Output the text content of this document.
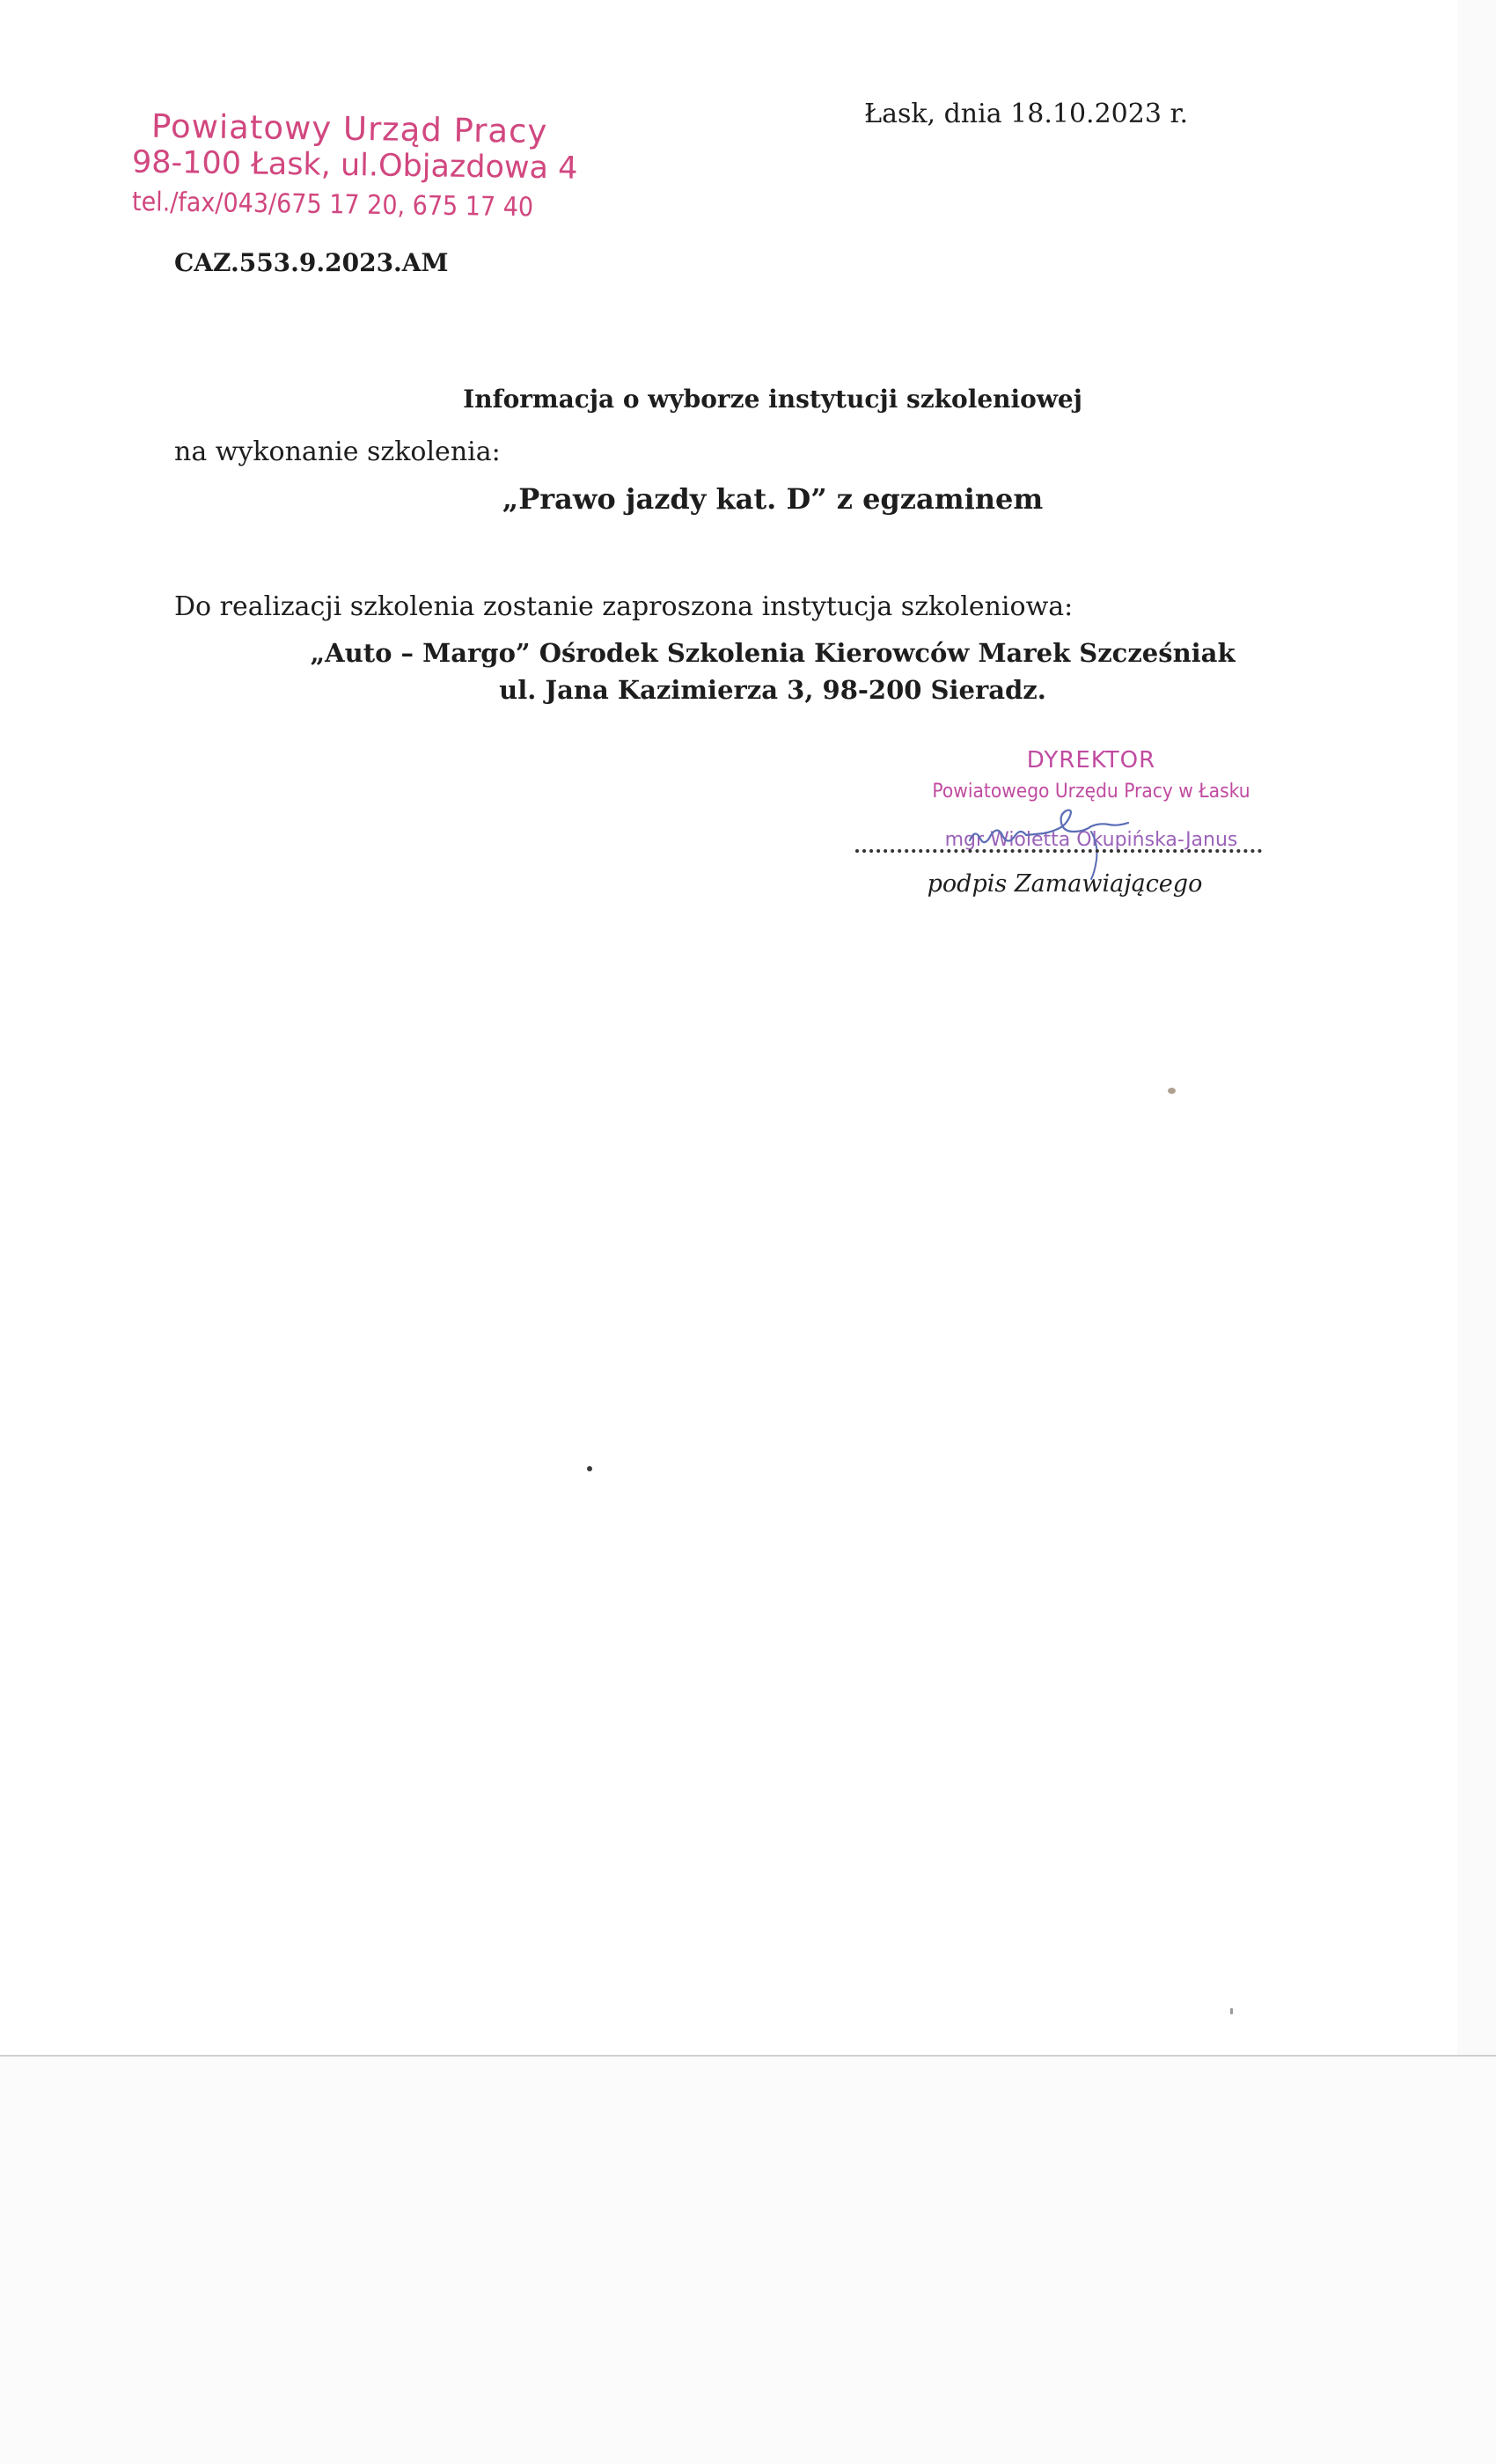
Powiatowy Urząd Pracy
98-100 Łask, ul.Objazdowa 4
tel./fax/043/675 17 20, 675 17 40
Łask, dnia 18.10.2023 r.
CAZ.553.9.2023.AM
Informacja o wyborze instytucji szkoleniowej
na wykonanie szkolenia:
„Prawo jazdy kat. D” z egzaminem
Do realizacji szkolenia zostanie zaproszona instytucja szkoleniowa:
„Auto – Margo” Ośrodek Szkolenia Kierowców Marek Szcześniak
ul. Jana Kazimierza 3, 98-200 Sieradz.
DYREKTOR
Powiatowego Urzędu Pracy w Łasku
mgr Wioletta Okupińska-Janus
podpis Zamawiającego
